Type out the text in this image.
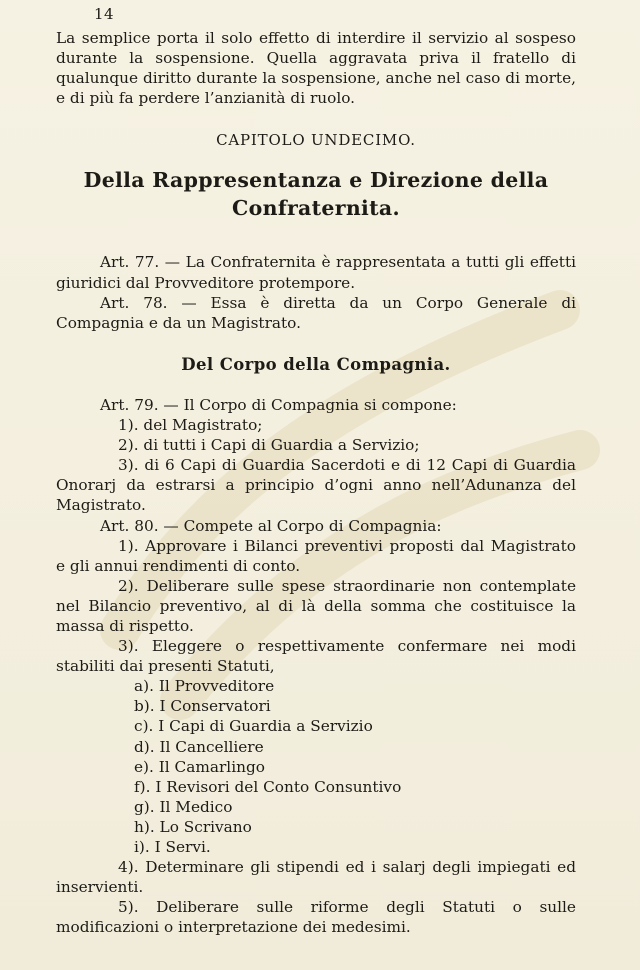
14

La semplice porta il solo effetto di interdire il servizio al sospeso durante la sospensione. Quella aggravata priva il fratello di qualunque diritto durante la sospensione, anche nel caso di morte, e di più fa perdere l’anzianità di ruolo.

CAPITOLO UNDECIMO.
Della Rappresentanza e Direzione della Confraternita.

Art. 77. — La Confraternita è rappresentata a tutti gli effetti giuridici dal Provveditore protempore.

Art. 78. — Essa è diretta da un Corpo Generale di Compagnia e da un Magistrato.

Del Corpo della Compagnia.

Art. 79. — Il Corpo di Compagnia si compone:

1). del Magistrato;

2). di tutti i Capi di Guardia a Servizio;

3). di 6 Capi di Guardia Sacerdoti e di 12 Capi di Guardia Onorarj da estrarsi a principio d’ogni anno nell’Adunanza del Magistrato.

Art. 80. — Compete al Corpo di Compagnia:

1). Approvare i Bilanci preventivi proposti dal Magistrato e gli annui rendimenti di conto.

2). Deliberare sulle spese straordinarie non contemplate nel Bilancio preventivo, al di là della somma che costituisce la massa di rispetto.

3). Eleggere o respettivamente confermare nei modi stabiliti dai presenti Statuti,

a). Il Provveditore

b). I Conservatori

c). I Capi di Guardia a Servizio

d). Il Cancelliere

e). Il Camarlingo

f). I Revisori del Conto Consuntivo

g). Il Medico

h). Lo Scrivano

i). I Servi.

4). Determinare gli stipendi ed i salarj degli impiegati ed inservienti.

5). Deliberare sulle riforme degli Statuti o sulle modificazioni o interpretazione dei medesimi.
